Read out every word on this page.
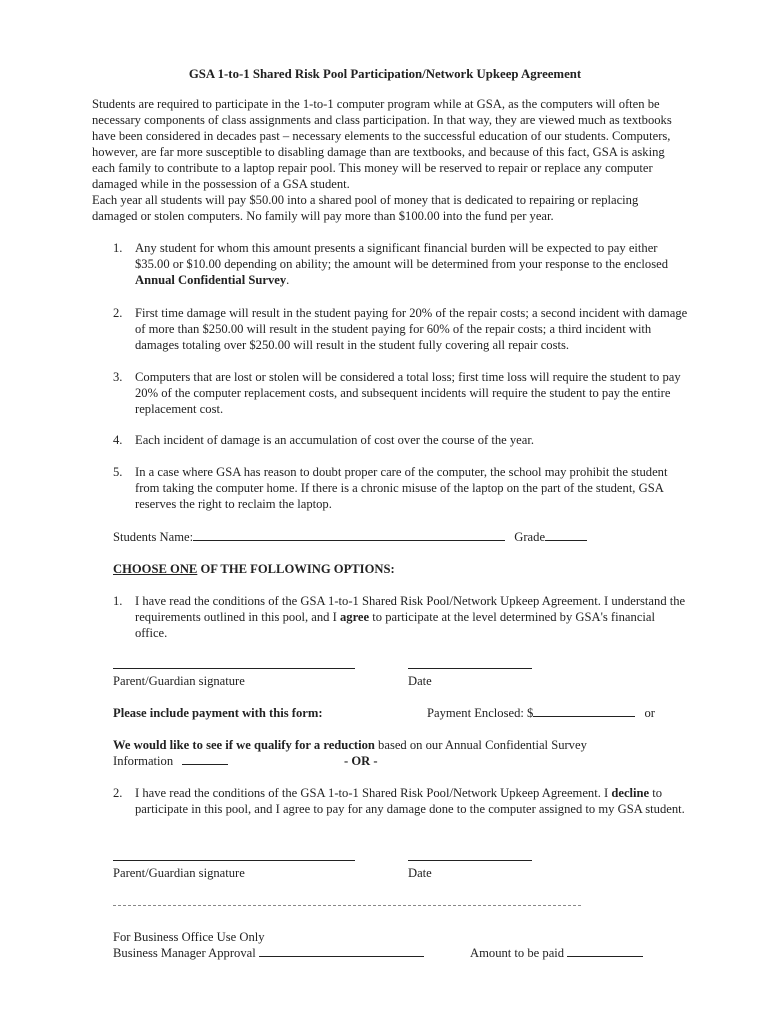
GSA 1-to-1 Shared Risk Pool Participation/Network Upkeep Agreement

Students are required to participate in the 1-to-1 computer program while at GSA, as the computers will often be necessary components of class assignments and class participation. In that way, they are viewed much as textbooks have been considered in decades past – necessary elements to the successful education of our students. Computers, however, are far more susceptible to disabling damage than are textbooks, and because of this fact, GSA is asking each family to contribute to a laptop repair pool. This money will be reserved to repair or replace any computer damaged while in the possession of a GSA student.

Each year all students will pay $50.00 into a shared pool of money that is dedicated to repairing or replacing damaged or stolen computers. No family will pay more than $100.00 into the fund per year.

1. Any student for whom this amount presents a significant financial burden will be expected to pay either $35.00 or $10.00 depending on ability; the amount will be determined from your response to the enclosed Annual Confidential Survey.
2. First time damage will result in the student paying for 20% of the repair costs; a second incident with damage of more than $250.00 will result in the student paying for 60% of the repair costs; a third incident with damages totaling over $250.00 will result in the student fully covering all repair costs.
3. Computers that are lost or stolen will be considered a total loss; first time loss will require the student to pay 20% of the computer replacement costs, and subsequent incidents will require the student to pay the entire replacement cost.
4. Each incident of damage is an accumulation of cost over the course of the year.
5. In a case where GSA has reason to doubt proper care of the computer, the school may prohibit the student from taking the computer home. If there is a chronic misuse of the laptop on the part of the student, GSA reserves the right to reclaim the laptop.
Students Name:	Grade
CHOOSE ONE OF THE FOLLOWING OPTIONS:
1. I have read the conditions of the GSA 1-to-1 Shared Risk Pool/Network Upkeep Agreement. I understand the requirements outlined in this pool, and I agree to participate at the level determined by GSA's financial office.
Parent/Guardian signature	Date
Please include payment with this form:	Payment Enclosed: $	or
We would like to see if we qualify for a reduction based on our Annual Confidential Survey
Information	- OR -
2. I have read the conditions of the GSA 1-to-1 Shared Risk Pool/Network Upkeep Agreement. I decline to participate in this pool, and I agree to pay for any damage done to the computer assigned to my GSA student.
Parent/Guardian signature	Date
For Business Office Use Only
Business Manager Approval	Amount to be paid
